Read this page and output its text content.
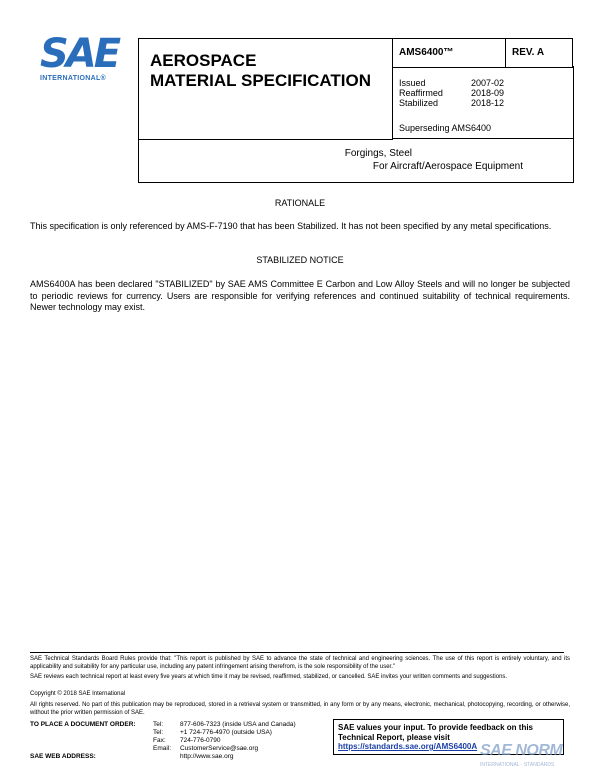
SAE
INTERNATIONAL®
AEROSPACE
MATERIAL SPECIFICATION
AMS6400™	REV. A
Issued	2007-02
Reaffirmed	2018-09
Stabilized	2018-12
Superseding AMS6400
Forgings, Steel
For Aircraft/Aerospace Equipment
RATIONALE
This specification is only referenced by AMS-F-7190 that has been Stabilized. It has not been specified by any metal specifications.
STABILIZED NOTICE
AMS6400A has been declared "STABILIZED" by SAE AMS Committee E Carbon and Low Alloy Steels and will no longer be subjected to periodic reviews for currency. Users are responsible for verifying references and continued suitability of technical requirements. Newer technology may exist.
SAE Technical Standards Board Rules provide that: "This report is published by SAE to advance the state of technical and engineering sciences. The use of this report is entirely voluntary, and its applicability and suitability for any particular use, including any patent infringement arising therefrom, is the sole responsibility of the user."
SAE reviews each technical report at least every five years at which time it may be revised, reaffirmed, stabilized, or cancelled. SAE invites your written comments and suggestions.
Copyright © 2018 SAE International
All rights reserved. No part of this publication may be reproduced, stored in a retrieval system or transmitted, in any form or by any means, electronic, mechanical, photocopying, recording, or otherwise, without the prior written permission of SAE.
TO PLACE A DOCUMENT ORDER:	Tel:	877-606-7323 (inside USA and Canada)
Tel:	+1 724-776-4970 (outside USA)
Fax: 724-776-0790
Email: CustomerService@sae.org
SAE WEB ADDRESS:	http://www.sae.org
SAE values your input. To provide feedback on this
Technical Report, please visit
https://standards.sae.org/AMS6400A SAE NORM
INTERNATIONAL · STANDARDS
